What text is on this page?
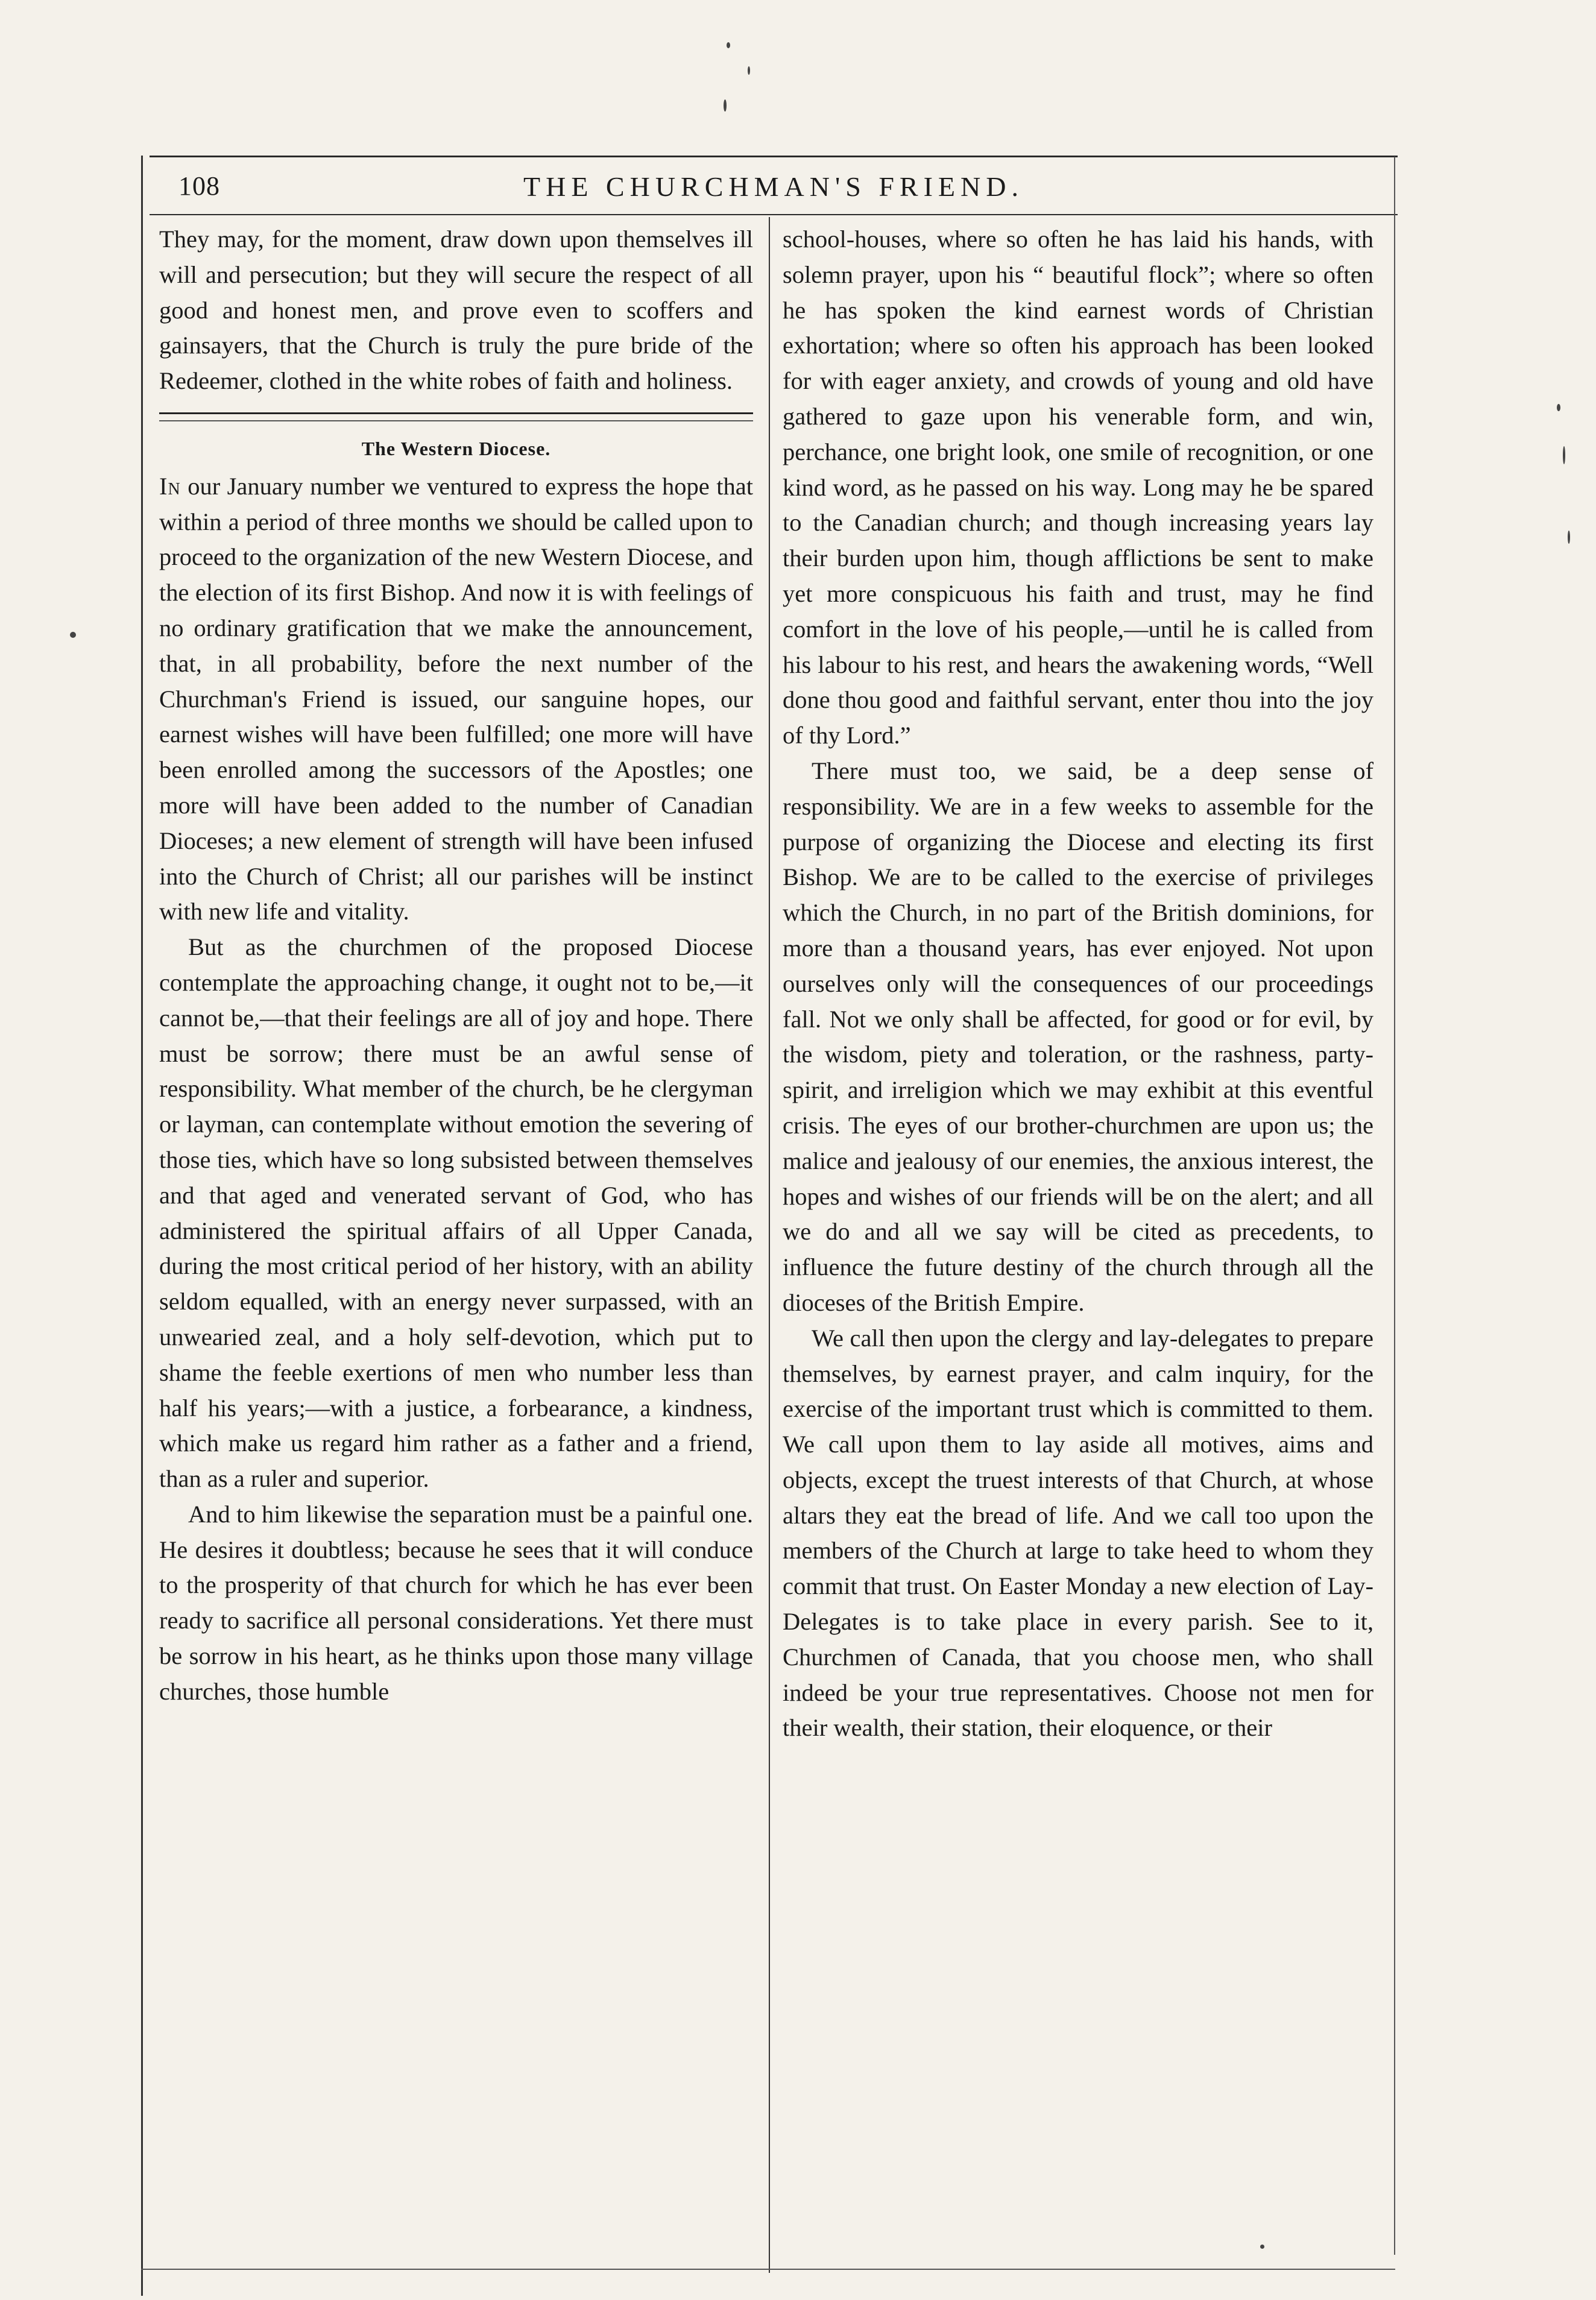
108	THE CHURCHMAN'S FRIEND.

They may, for the moment, draw down upon themselves ill will and persecution; but they will secure the respect of all good and honest men, and prove even to scoffers and gainsayers, that the Church is truly the pure bride of the Redeemer, clothed in the white robes of faith and holiness.

The Western Diocese.

In our January number we ventured to express the hope that within a period of three months we should be called upon to proceed to the organization of the new Western Diocese, and the election of its first Bishop. And now it is with feelings of no ordinary gratification that we make the announcement, that, in all probability, before the next number of the Churchman's Friend is issued, our sanguine hopes, our earnest wishes will have been fulfilled; one more will have been enrolled among the successors of the Apostles; one more will have been added to the number of Canadian Dioceses; a new element of strength will have been infused into the Church of Christ; all our parishes will be instinct with new life and vitality.

But as the churchmen of the proposed Diocese contemplate the approaching change, it ought not to be,—it cannot be,—that their feelings are all of joy and hope. There must be sorrow; there must be an awful sense of responsibility. What member of the church, be he clergyman or layman, can contemplate without emotion the severing of those ties, which have so long subsisted between themselves and that aged and venerated servant of God, who has administered the spiritual affairs of all Upper Canada, during the most critical period of her history, with an ability seldom equalled, with an energy never surpassed, with an unwearied zeal, and a holy self-devotion, which put to shame the feeble exertions of men who number less than half his years;—with a justice, a forbearance, a kindness, which make us regard him rather as a father and a friend, than as a ruler and superior.

And to him likewise the separation must be a painful one. He desires it doubtless; because he sees that it will conduce to the prosperity of that church for which he has ever been ready to sacrifice all personal considerations. Yet there must be sorrow in his heart, as he thinks upon those many village churches, those humble

school-houses, where so often he has laid his hands, with solemn prayer, upon his “ beautiful flock”; where so often he has spoken the kind earnest words of Christian exhortation; where so often his approach has been looked for with eager anxiety, and crowds of young and old have gathered to gaze upon his venerable form, and win, perchance, one bright look, one smile of recognition, or one kind word, as he passed on his way. Long may he be spared to the Canadian church; and though increasing years lay their burden upon him, though afflictions be sent to make yet more conspicuous his faith and trust, may he find comfort in the love of his people,—until he is called from his labour to his rest, and hears the awakening words, “Well done thou good and faithful servant, enter thou into the joy of thy Lord.”

There must too, we said, be a deep sense of responsibility. We are in a few weeks to assemble for the purpose of organizing the Diocese and electing its first Bishop. We are to be called to the exercise of privileges which the Church, in no part of the British dominions, for more than a thousand years, has ever enjoyed. Not upon ourselves only will the consequences of our proceedings fall. Not we only shall be affected, for good or for evil, by the wisdom, piety and toleration, or the rashness, party-spirit, and irreligion which we may exhibit at this eventful crisis. The eyes of our brother-churchmen are upon us; the malice and jealousy of our enemies, the anxious interest, the hopes and wishes of our friends will be on the alert; and all we do and all we say will be cited as precedents, to influence the future destiny of the church through all the dioceses of the British Empire.

We call then upon the clergy and lay-delegates to prepare themselves, by earnest prayer, and calm inquiry, for the exercise of the important trust which is committed to them. We call upon them to lay aside all motives, aims and objects, except the truest interests of that Church, at whose altars they eat the bread of life. And we call too upon the members of the Church at large to take heed to whom they commit that trust. On Easter Monday a new election of Lay-Delegates is to take place in every parish. See to it, Churchmen of Canada, that you choose men, who shall indeed be your true representatives. Choose not men for their wealth, their station, their eloquence, or their
